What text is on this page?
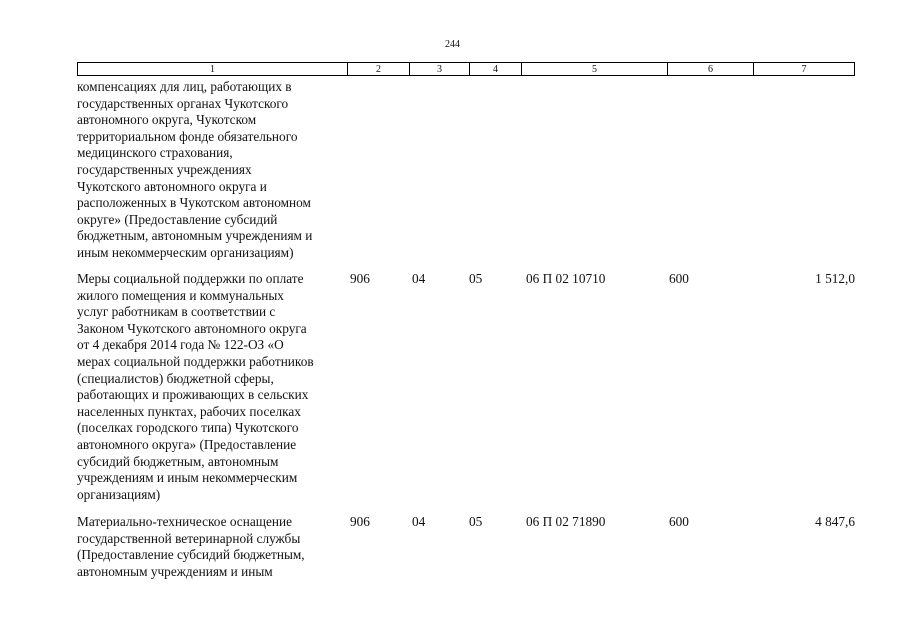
244
1	2	3	4	5	6	7
компенсациях для лиц, работающих в
государственных органах Чукотского
автономного округа, Чукотском
территориальном фонде обязательного
медицинского страхования,
государственных учреждениях
Чукотского автономного округа и
расположенных в Чукотском автономном
округе» (Предоставление субсидий
бюджетным, автономным учреждениям и
иным некоммерческим организациям)
Меры социальной поддержки по оплате
жилого помещения и коммунальных
услуг работникам в соответствии с
Законом Чукотского автономного округа
от 4 декабря 2014 года № 122-ОЗ «О
мерах социальной поддержки работников
(специалистов) бюджетной сферы,
работающих и проживающих в сельских
населенных пунктах, рабочих поселках
(поселках городского типа) Чукотского
автономного округа» (Предоставление
субсидий бюджетным, автономным
учреждениям и иным некоммерческим
организациям)
906	04	05	06 П 02 10710	600	1 512,0
Материально-техническое оснащение
государственной ветеринарной службы
(Предоставление субсидий бюджетным,
автономным учреждениям и иным
906	04	05	06 П 02 71890	600	4 847,6
